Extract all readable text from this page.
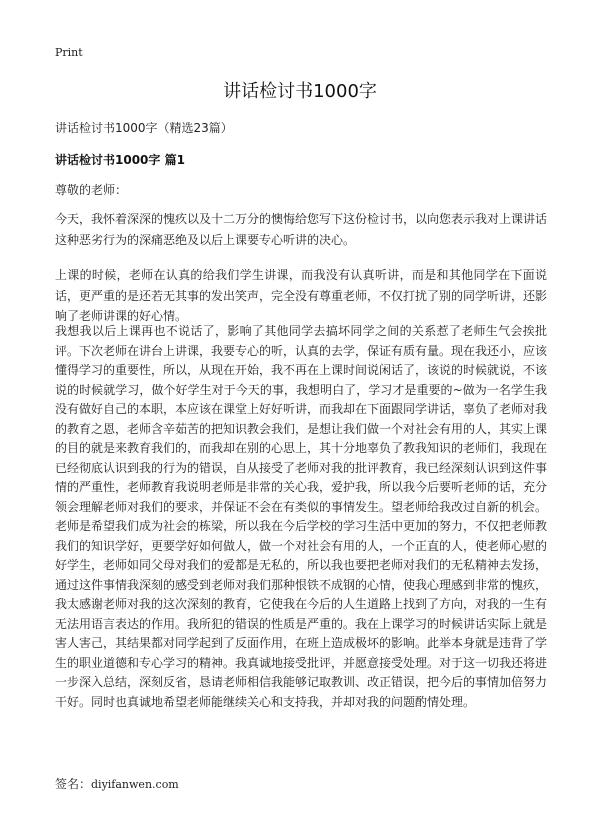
Print
讲话检讨书1000字
讲话检讨书1000字（精选23篇）
讲话检讨书1000字 篇1
尊敬的老师：

今天，我怀着深深的愧疚以及十二万分的懊悔给您写下这份检讨书，以向您表示我对上课讲话这种恶劣行为的深痛恶绝及以后上课要专心听讲的决心。

上课的时候，老师在认真的给我们学生讲课，而我没有认真听讲，而是和其他同学在下面说话，更严重的是还若无其事的发出笑声，完全没有尊重老师，不仅打扰了别的同学听讲，还影响了老师讲课的好心情。

我想我以后上课再也不说话了，影响了其他同学去搞坏同学之间的关系惹了老师生气会挨批评。下次老师在讲台上讲课，我要专心的听，认真的去学，保证有质有量。现在我还小，应该懂得学习的重要性，所以，从现在开始，我不再在上课时间说闲话了，该说的时候就说，不该说的时候就学习，做个好学生对于今天的事，我想明白了，学习才是重要的~做为一名学生我没有做好自己的本职，本应该在课堂上好好听讲，而我却在下面跟同学讲话，辜负了老师对我的教育之恩，老师含辛茹苦的把知识教会我们，是想让我们做一个对社会有用的人，其实上课的目的就是来教育我们的，而我却在别的心思上，其十分地辜负了教我知识的老师们，我现在已经彻底认识到我的行为的错误，自从接受了老师对我的批评教育，我已经深刻认识到这件事情的严重性，老师教育我说明老师是非常的关心我，爱护我，所以我今后要听老师的话，充分领会理解老师对我们的要求，并保证不会在有类似的事情发生。望老师给我改过自新的机会。老师是希望我们成为社会的栋梁，所以我在今后学校的学习生活中更加的努力，不仅把老师教我们的知识学好，更要学好如何做人，做一个对社会有用的人，一个正直的人，使老师心慰的好学生，老师如同父母对我们的爱都是无私的，所以我也要把老师对我们的无私精神去发扬，通过这件事情我深刻的感受到老师对我们那种恨铁不成钢的心情，使我心理感到非常的愧疚，我太感谢老师对我的这次深刻的教育，它使我在今后的人生道路上找到了方向，对我的一生有无法用语言表达的作用。我所犯的错误的性质是严重的。我在上课学习的时候讲话实际上就是害人害己，其结果都对同学起到了反面作用，在班上造成极坏的影响。此举本身就是违背了学生的职业道德和专心学习的精神。我真诚地接受批评，并愿意接受处理。对于这一切我还将进一步深入总结，深刻反省，恳请老师相信我能够记取教训、改正错误，把今后的事情加倍努力干好。同时也真诚地希望老师能继续关心和支持我，并却对我的问题酌情处理。

签名：diyifanwen.com
